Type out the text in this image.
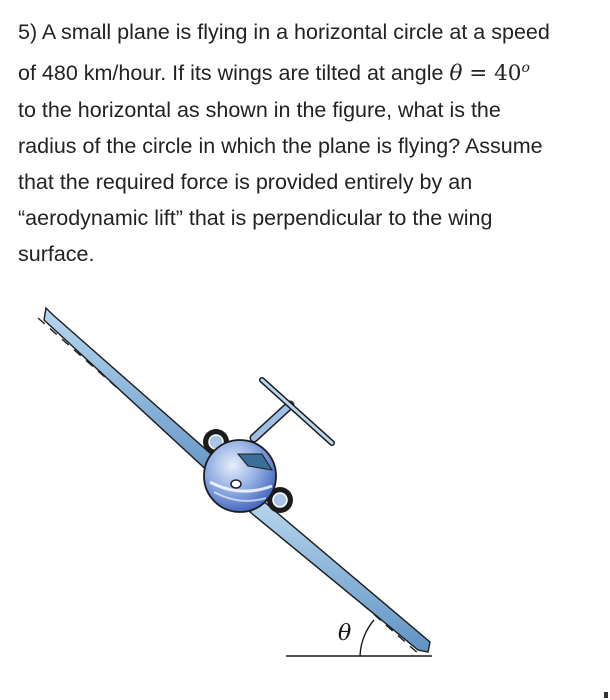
5) A small plane is flying in a horizontal circle at a speed
of 480 km/hour. If its wings are tilted at angle $\theta = 40^o$
to the horizontal as shown in the figure, what is the
radius of the circle in which the plane is flying? Assume
that the required force is provided entirely by an
“aerodynamic lift” that is perpendicular to the wing
surface.
θ
